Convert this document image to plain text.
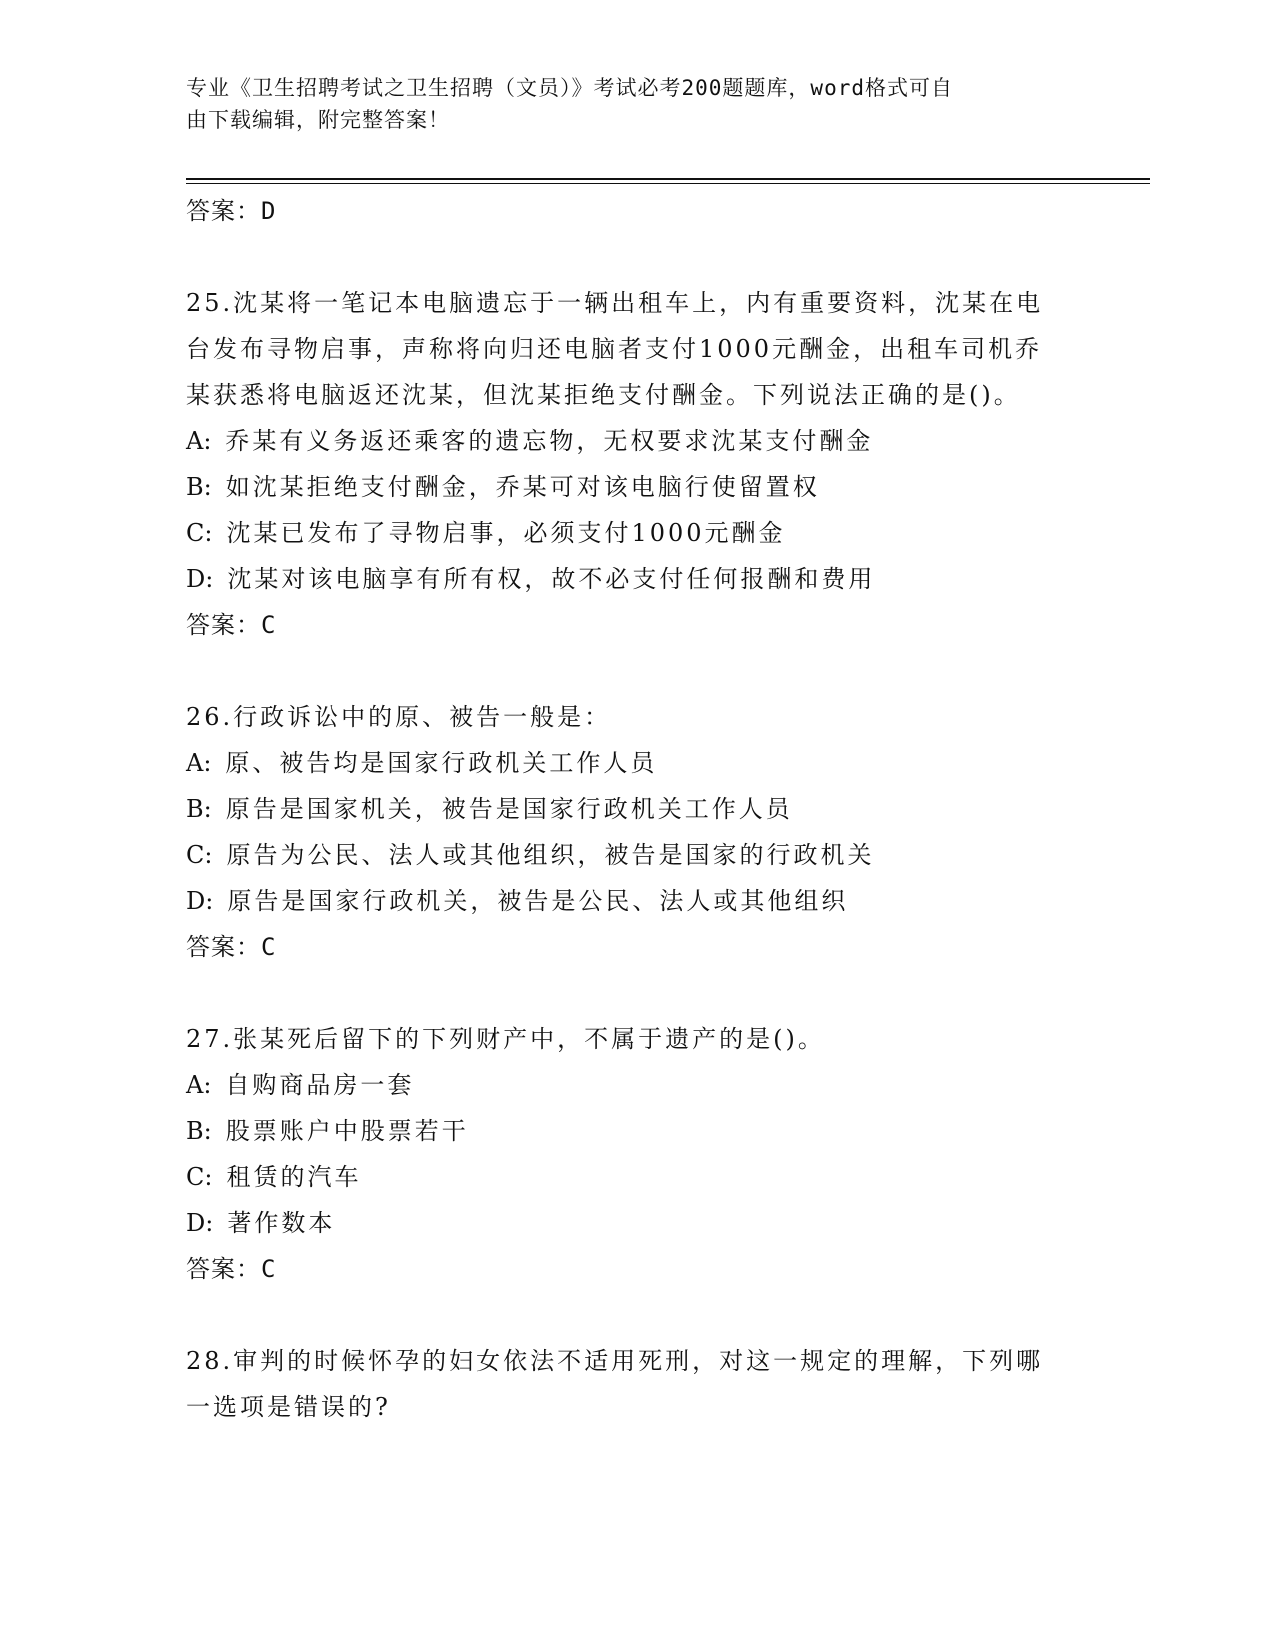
专业《卫生招聘考试之卫生招聘（文员）》考试必考200题题库，word格式可自
由下载编辑，附完整答案！
答案：D
25.沈某将一笔记本电脑遗忘于一辆出租车上，内有重要资料，沈某在电台发布寻物启事，声称将向归还电脑者支付1000元酬金，出租车司机乔某获悉将电脑返还沈某，但沈某拒绝支付酬金。下列说法正确的是()。
A: 乔某有义务返还乘客的遗忘物，无权要求沈某支付酬金
B: 如沈某拒绝支付酬金，乔某可对该电脑行使留置权
C: 沈某已发布了寻物启事，必须支付1000元酬金
D: 沈某对该电脑享有所有权，故不必支付任何报酬和费用
答案：C
26.行政诉讼中的原、被告一般是：
A: 原、被告均是国家行政机关工作人员
B: 原告是国家机关，被告是国家行政机关工作人员
C: 原告为公民、法人或其他组织，被告是国家的行政机关
D: 原告是国家行政机关，被告是公民、法人或其他组织
答案：C
27.张某死后留下的下列财产中，不属于遗产的是()。
A: 自购商品房一套
B: 股票账户中股票若干
C: 租赁的汽车
D: 著作数本
答案：C
28.审判的时候怀孕的妇女依法不适用死刑，对这一规定的理解，下列哪一选项是错误的?
